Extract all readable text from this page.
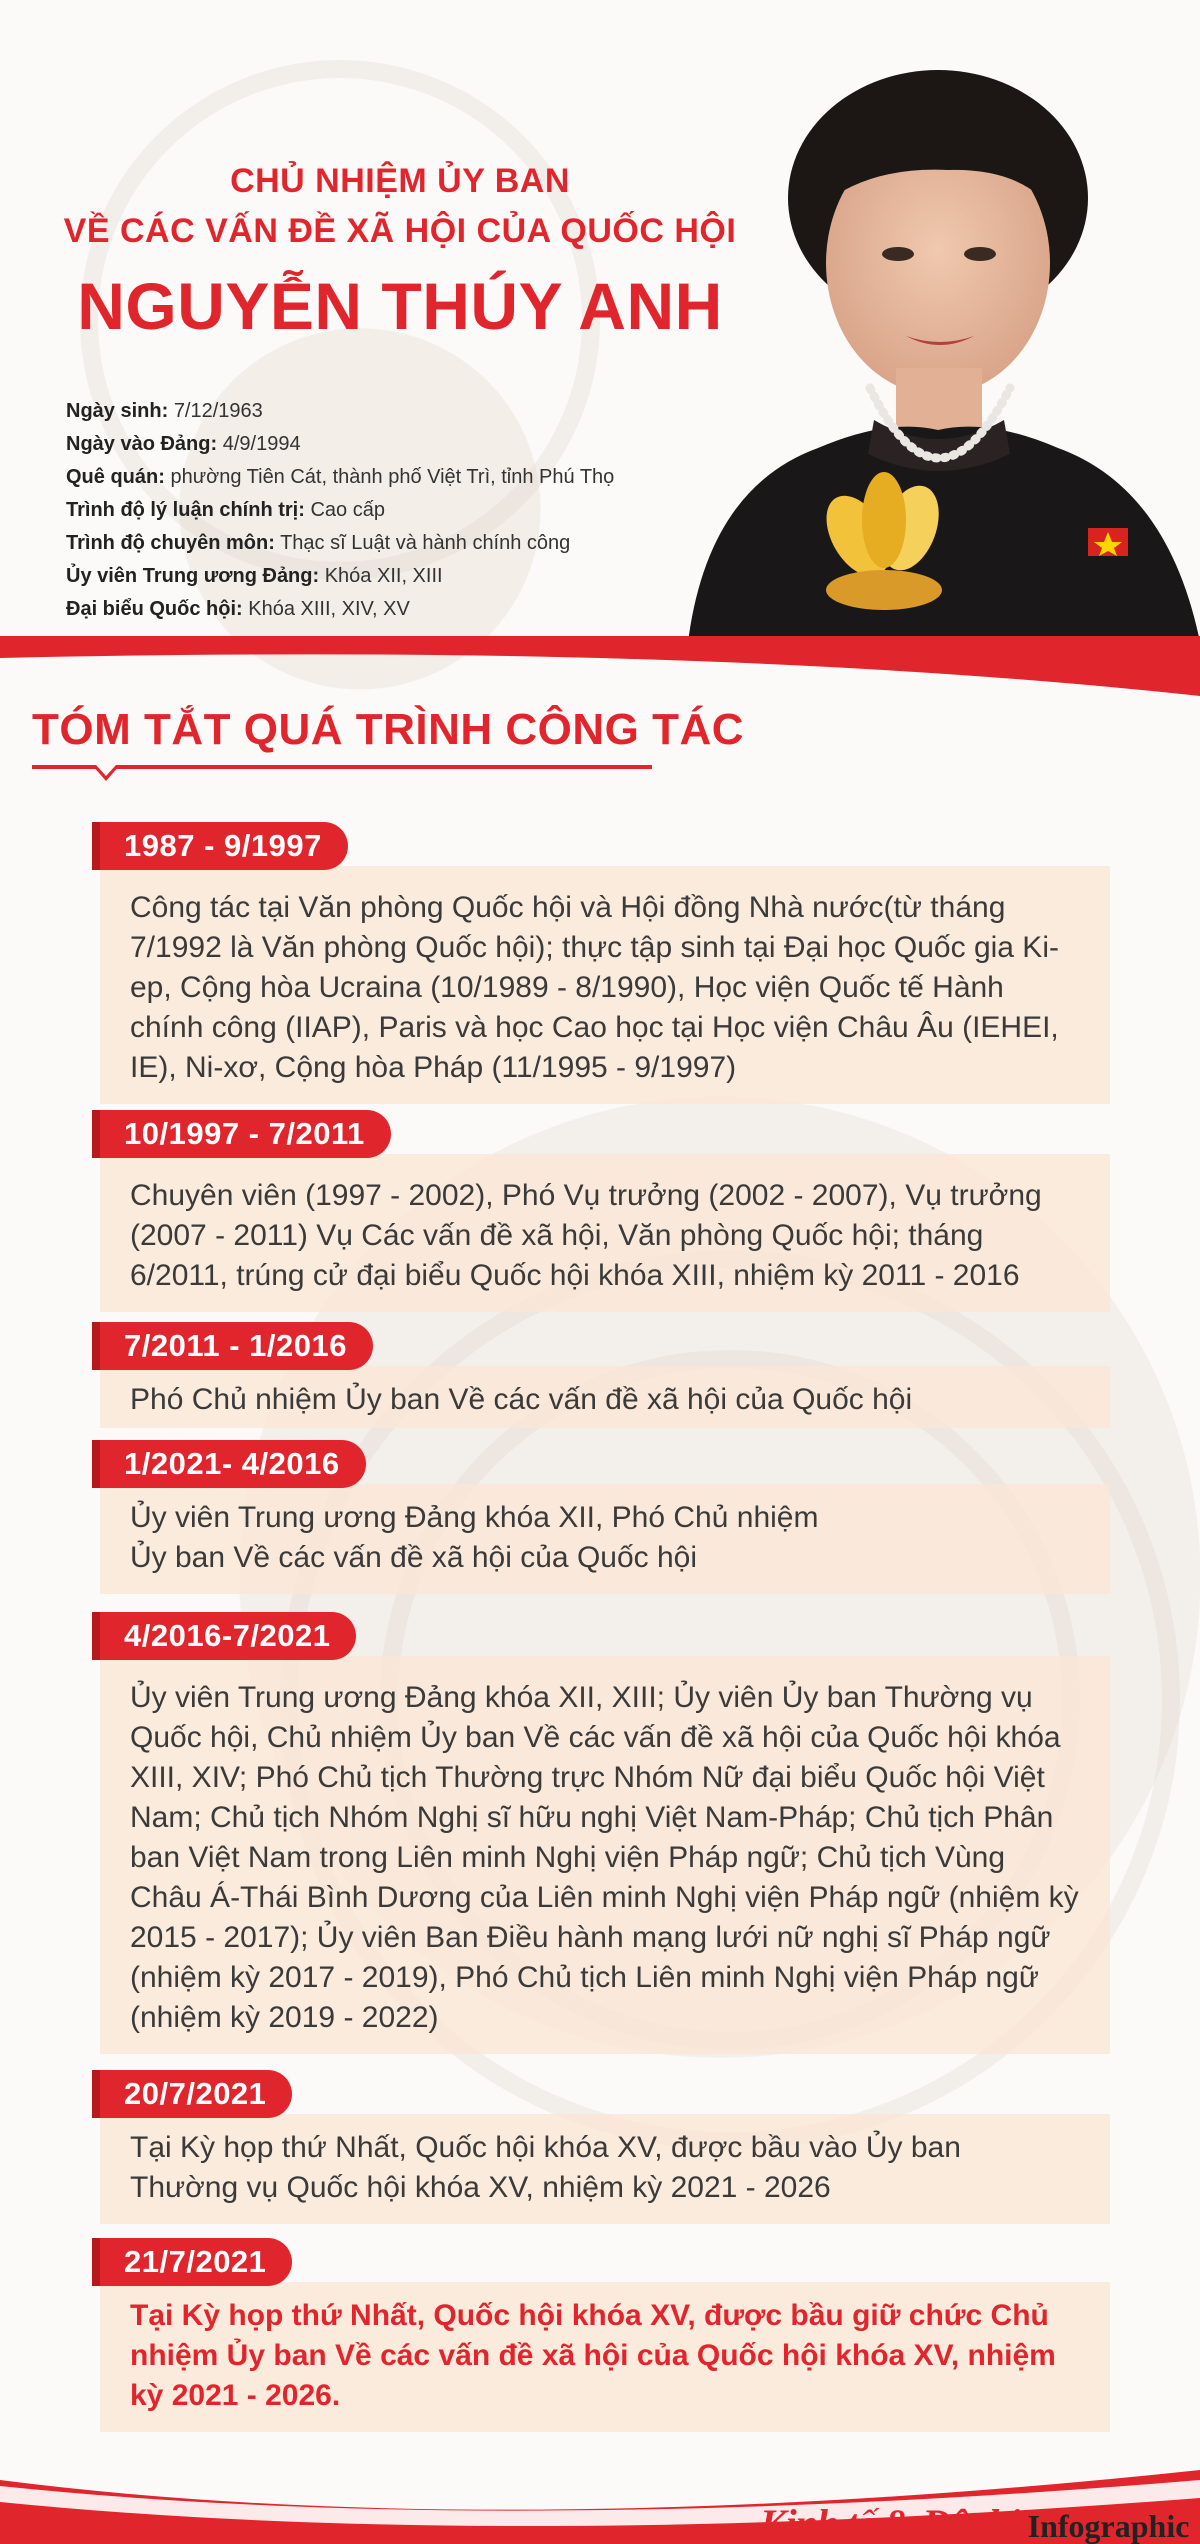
CHỦ NHIỆM ỦY BAN
VỀ CÁC VẤN ĐỀ XÃ HỘI CỦA QUỐC HỘI
NGUYỄN THÚY ANH
Ngày sinh: 7/12/1963
Ngày vào Đảng: 4/9/1994
Quê quán: phường Tiên Cát, thành phố Việt Trì, tỉnh Phú Thọ
Trình độ lý luận chính trị: Cao cấp
Trình độ chuyên môn: Thạc sĩ Luật và hành chính công
Ủy viên Trung ương Đảng: Khóa XII, XIII
Đại biểu Quốc hội: Khóa XIII, XIV, XV
TÓM TẮT QUÁ TRÌNH CÔNG TÁC
1987 - 9/1997
Công tác tại Văn phòng Quốc hội và Hội đồng Nhà nước(từ tháng 7/1992 là Văn phòng Quốc hội); thực tập sinh tại Đại học Quốc gia Ki-ep, Cộng hòa Ucraina (10/1989 - 8/1990), Học viện Quốc tế Hành chính công (IIAP), Paris và học Cao học tại Học viện Châu Âu (IEHEI, IE), Ni-xơ, Cộng hòa Pháp (11/1995 - 9/1997)
10/1997 - 7/2011
Chuyên viên (1997 - 2002), Phó Vụ trưởng (2002 - 2007), Vụ trưởng (2007 - 2011) Vụ Các vấn đề xã hội, Văn phòng Quốc hội; tháng 6/2011, trúng cử đại biểu Quốc hội khóa XIII, nhiệm kỳ 2011 - 2016
7/2011 - 1/2016
Phó Chủ nhiệm Ủy ban Về các vấn đề xã hội của Quốc hội
1/2021- 4/2016
Ủy viên Trung ương Đảng khóa XII, Phó Chủ nhiệm Ủy ban Về các vấn đề xã hội của Quốc hội
4/2016-7/2021
Ủy viên Trung ương Đảng khóa XII, XIII; Ủy viên Ủy ban Thường vụ Quốc hội, Chủ nhiệm Ủy ban Về các vấn đề xã hội của Quốc hội khóa XIII, XIV; Phó Chủ tịch Thường trực Nhóm Nữ đại biểu Quốc hội Việt Nam; Chủ tịch Nhóm Nghị sĩ hữu nghị Việt Nam-Pháp; Chủ tịch Phân ban Việt Nam trong Liên minh Nghị viện Pháp ngữ; Chủ tịch Vùng Châu Á-Thái Bình Dương của Liên minh Nghị viện Pháp ngữ (nhiệm kỳ 2015 - 2017); Ủy viên Ban Điều hành mạng lưới nữ nghị sĩ Pháp ngữ (nhiệm kỳ 2017 - 2019), Phó Chủ tịch Liên minh Nghị viện Pháp ngữ (nhiệm kỳ 2019 - 2022)
20/7/2021
Tại Kỳ họp thứ Nhất, Quốc hội khóa XV, được bầu vào Ủy ban Thường vụ Quốc hội khóa XV, nhiệm kỳ 2021 - 2026
21/7/2021
Tại Kỳ họp thứ Nhất, Quốc hội khóa XV, được bầu giữ chức Chủ nhiệm Ủy ban Về các vấn đề xã hội của Quốc hội khóa XV, nhiệm kỳ 2021 - 2026.
Kinh tế & Đô thị Infographic
